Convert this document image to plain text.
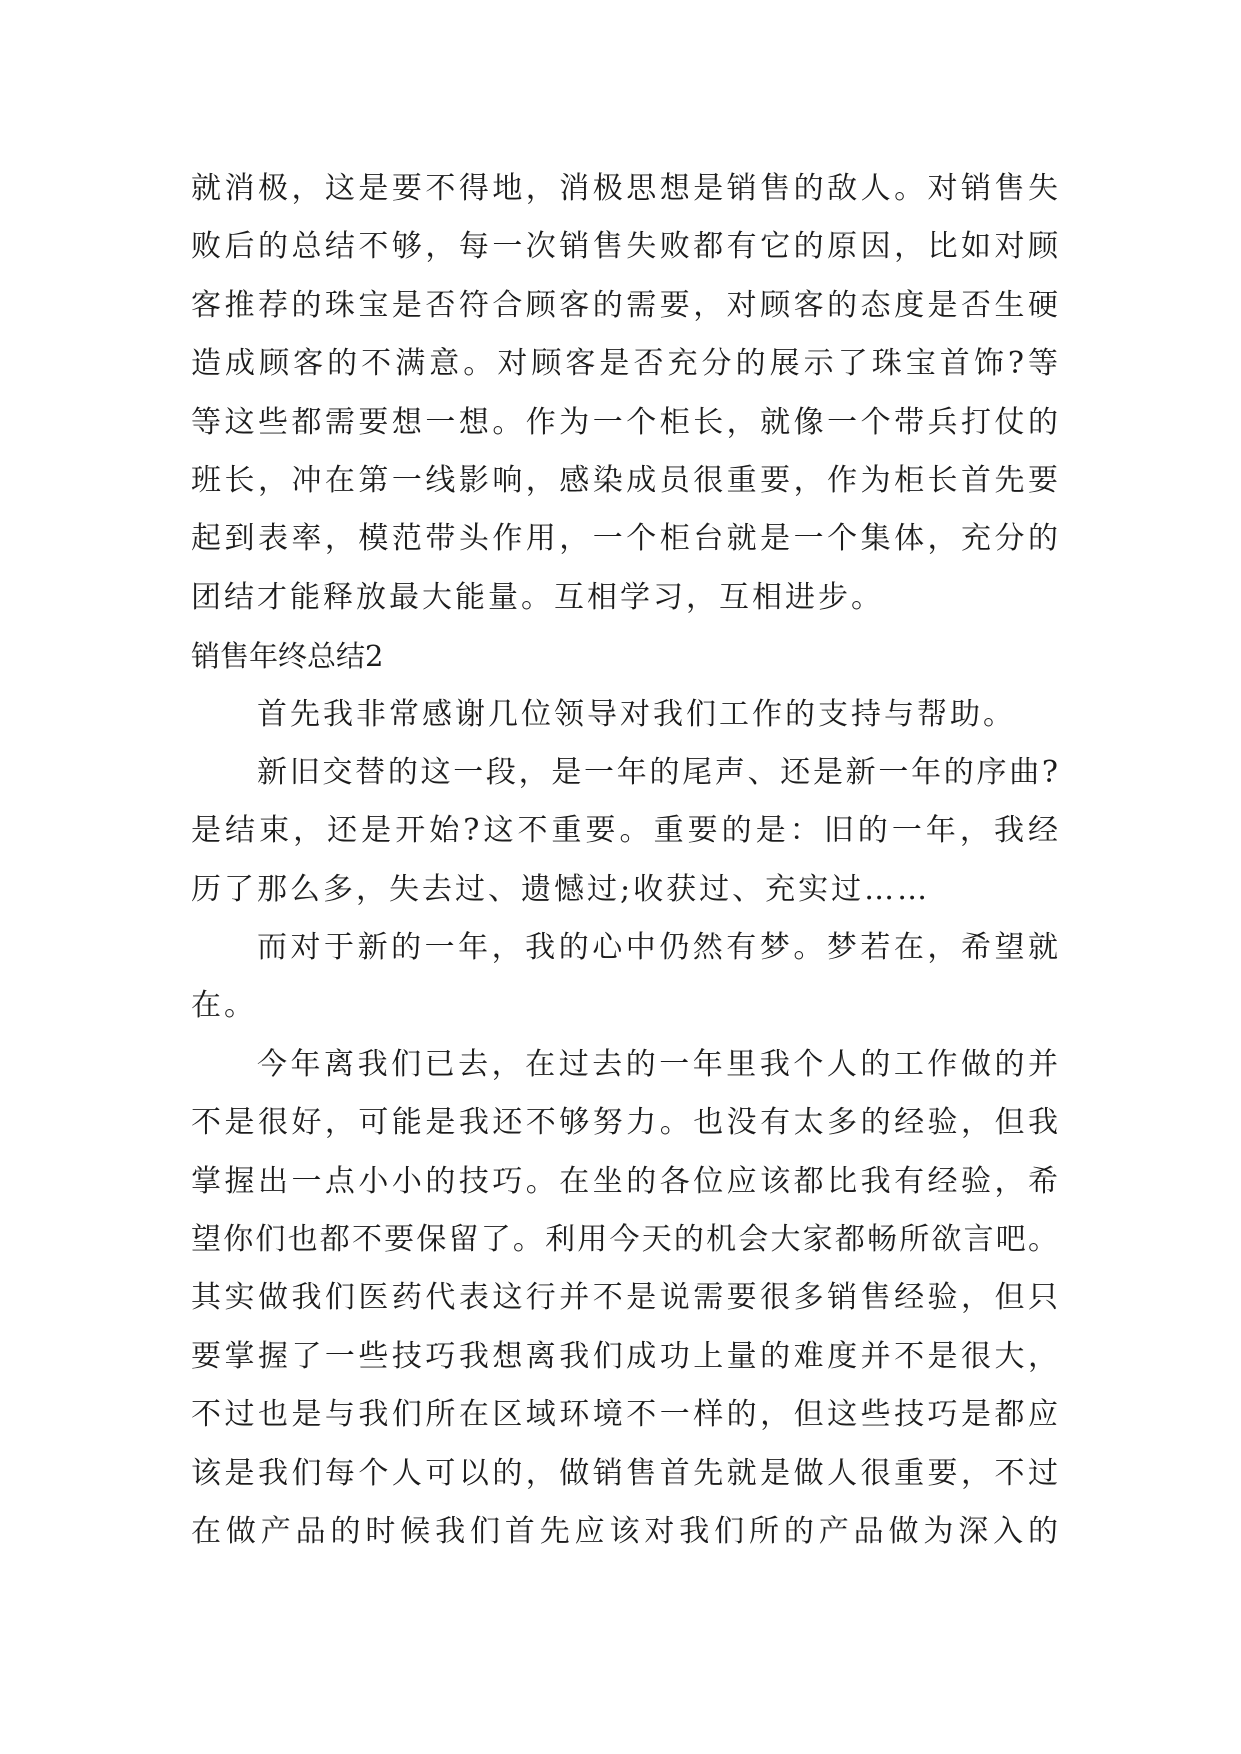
就消极，这是要不得地，消极思想是销售的敌人。对销售失
败后的总结不够，每一次销售失败都有它的原因，比如对顾
客推荐的珠宝是否符合顾客的需要，对顾客的态度是否生硬
造成顾客的不满意。对顾客是否充分的展示了珠宝首饰?等
等这些都需要想一想。作为一个柜长，就像一个带兵打仗的
班长，冲在第一线影响，感染成员很重要，作为柜长首先要
起到表率，模范带头作用，一个柜台就是一个集体，充分的
团结才能释放最大能量。互相学习，互相进步。
销售年终总结2
首先我非常感谢几位领导对我们工作的支持与帮助。
新旧交替的这一段，是一年的尾声、还是新一年的序曲?
是结束，还是开始?这不重要。重要的是：旧的一年，我经
历了那么多，失去过、遗憾过;收获过、充实过……
而对于新的一年，我的心中仍然有梦。梦若在，希望就
在。
今年离我们已去，在过去的一年里我个人的工作做的并
不是很好，可能是我还不够努力。也没有太多的经验，但我
掌握出一点小小的技巧。在坐的各位应该都比我有经验，希
望你们也都不要保留了。利用今天的机会大家都畅所欲言吧。
其实做我们医药代表这行并不是说需要很多销售经验，但只
要掌握了一些技巧我想离我们成功上量的难度并不是很大，
不过也是与我们所在区域环境不一样的，但这些技巧是都应
该是我们每个人可以的，做销售首先就是做人很重要，不过
在做产品的时候我们首先应该对我们所的产品做为深入的
